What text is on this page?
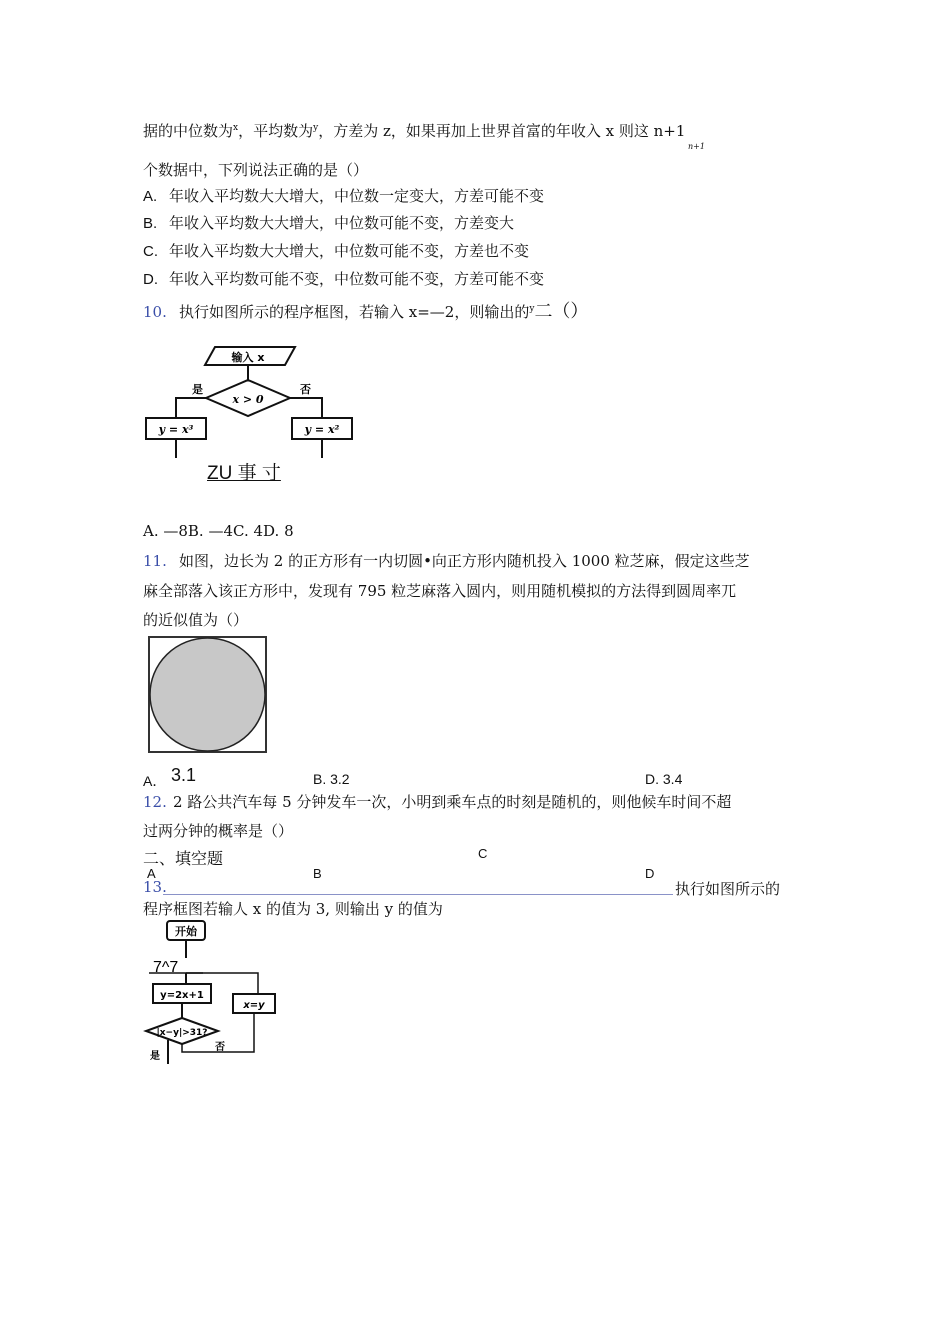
据的中位数为$^x$，平均数为$^y$，方差为 z，如果再加上世界首富的年收入 x 则这 n+1
n+1
个数据中，下列说法正确的是（）
A. 年收入平均数大大增大，中位数一定变大，方差可能不变
B. 年收入平均数大大增大，中位数可能不变，方差变大
C. 年收入平均数大大增大，中位数可能不变，方差也不变
D. 年收入平均数可能不变，中位数可能不变，方差可能不变
10. 执行如图所示的程序框图，若输入 x=—2，则输出的$^y$二（）
输入 x
x > 0
是	否
y = x³	y = x²
ZU 事 寸
A. —8B. —4C. 4D. 8
11. 如图，边长为 2 的正方形有一内切圆•向正方形内随机投入 1000 粒芝麻，假定这些芝
麻全部落入该正方形中，发现有 795 粒芝麻落入圆内，则用随机模拟的方法得到圆周率兀
的近似值为（）
A． 3.1	B. 3.2	D. 3.4
12. 2 路公共汽车每 5 分钟发车一次，小明到乘车点的时刻是随机的，则他候车时间不超
过两分钟的概率是（）
二、填空题	C
A	B	D
13.	执行如图所示的
程序框图若输人 x 的值为 3, 则输出 y 的值为
开始
7^7
y=2x+1
x=y
|x−y|>31?
否
是
